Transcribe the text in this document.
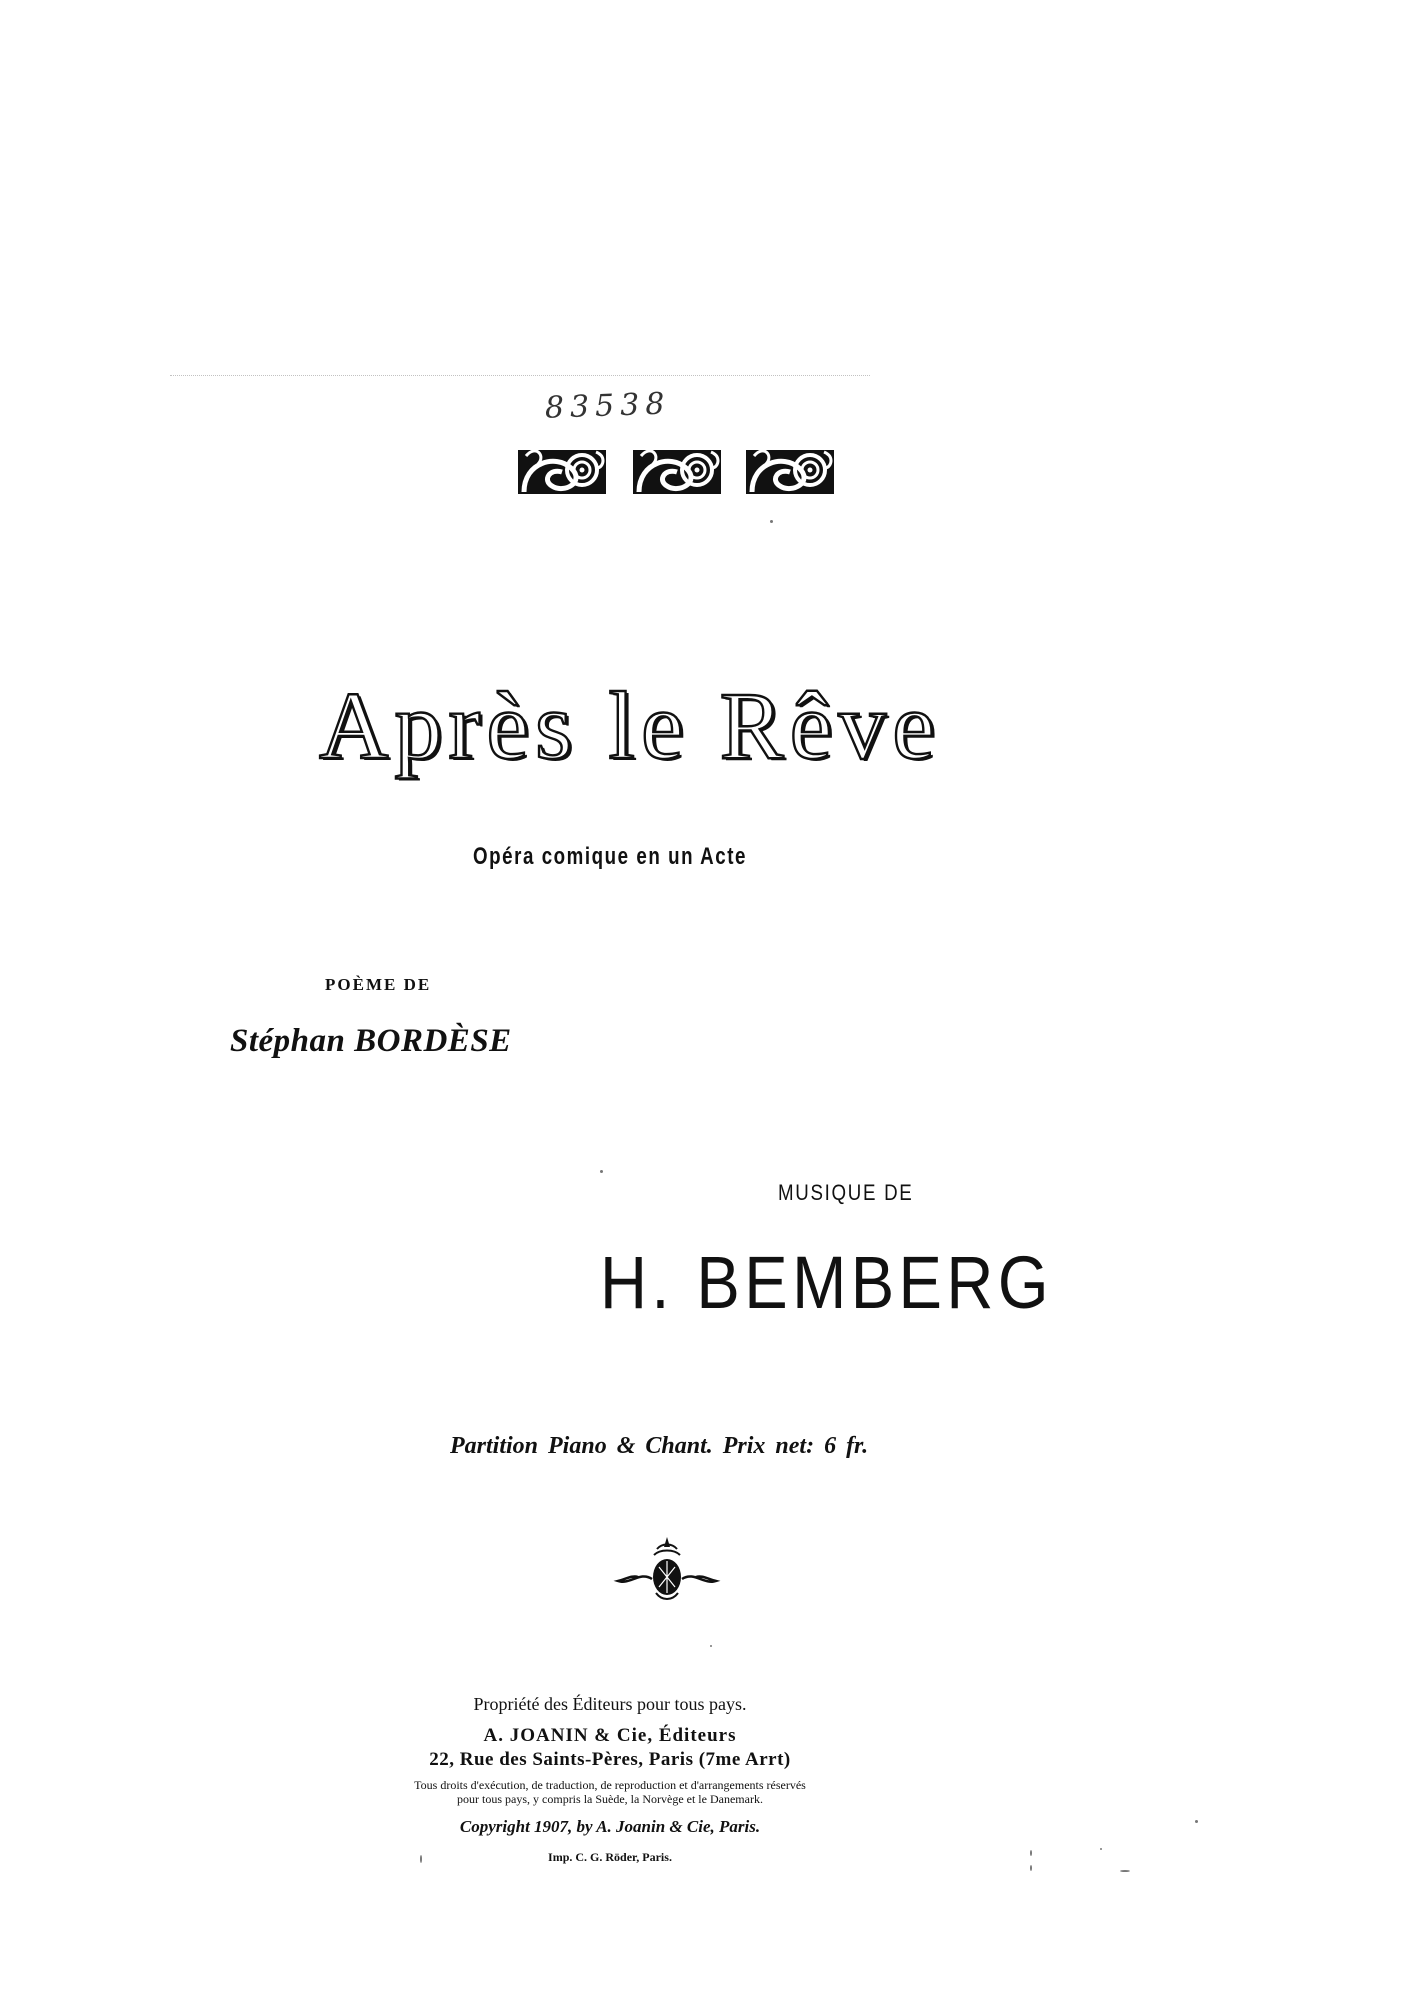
83538
Après le Rêve
Opéra comique en un Acte
POÈME DE
Stéphan BORDÈSE
MUSIQUE DE
H. BEMBERG
Partition Piano & Chant. Prix net: 6 fr.
Propriété des Éditeurs pour tous pays.
A. JOANIN & Cie, Éditeurs
22, Rue des Saints-Pères, Paris (7me Arrt)
Tous droits d'exécution, de traduction, de reproduction et d'arrangements réservés
pour tous pays, y compris la Suède, la Norvège et le Danemark.
Copyright 1907, by A. Joanin & Cie, Paris.
Imp. C. G. Röder, Paris.
